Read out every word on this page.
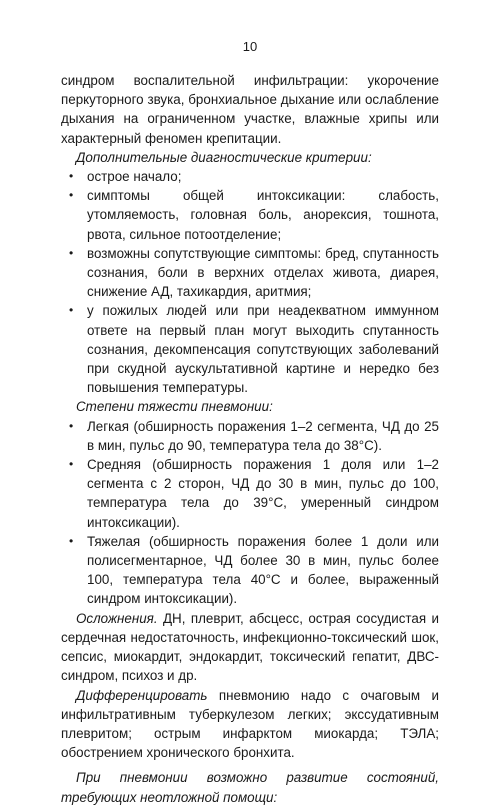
10

синдром воспалительной инфильтрации: укорочение перкуторного звука, бронхиальное дыхание или ослабление дыхания на ограниченном участке, влажные хрипы или характерный феномен крепитации.

Дополнительные диагностические критерии:

• острое начало;
• симптомы общей интоксикации: слабость, утомляемость, головная боль, анорексия, тошнота, рвота, сильное потоотделение;
• возможны сопутствующие симптомы: бред, спутанность сознания, боли в верхних отделах живота, диарея, снижение АД, тахикардия, аритмия;
• у пожилых людей или при неадекватном иммунном ответе на первый план могут выходить спутанность сознания, декомпенсация сопутствующих заболеваний при скудной аускультативной картине и нередко без повышения температуры.

Степени тяжести пневмонии:

• Легкая (обширность поражения 1–2 сегмента, ЧД до 25 в мин, пульс до 90, температура тела до 38°С).
• Средняя (обширность поражения 1 доля или 1–2 сегмента с 2 сторон, ЧД до 30 в мин, пульс до 100, температура тела до 39°С, умеренный синдром интоксикации).
• Тяжелая (обширность поражения более 1 доли или полисегментарное, ЧД более 30 в мин, пульс более 100, температура тела 40°С и более, выраженный синдром интоксикации).

Осложнения. ДН, плеврит, абсцесс, острая сосудистая и сердечная недостаточность, инфекционно-токсический шок, сепсис, миокардит, эндокардит, токсический гепатит, ДВС-синдром, психоз и др.

Дифференцировать пневмонию надо с очаговым и инфильтративным туберкулезом легких; экссудативным плевритом; острым инфарктом миокарда; ТЭЛА; обострением хронического бронхита.

При пневмонии возможно развитие состояний, требующих неотложной помощи:
